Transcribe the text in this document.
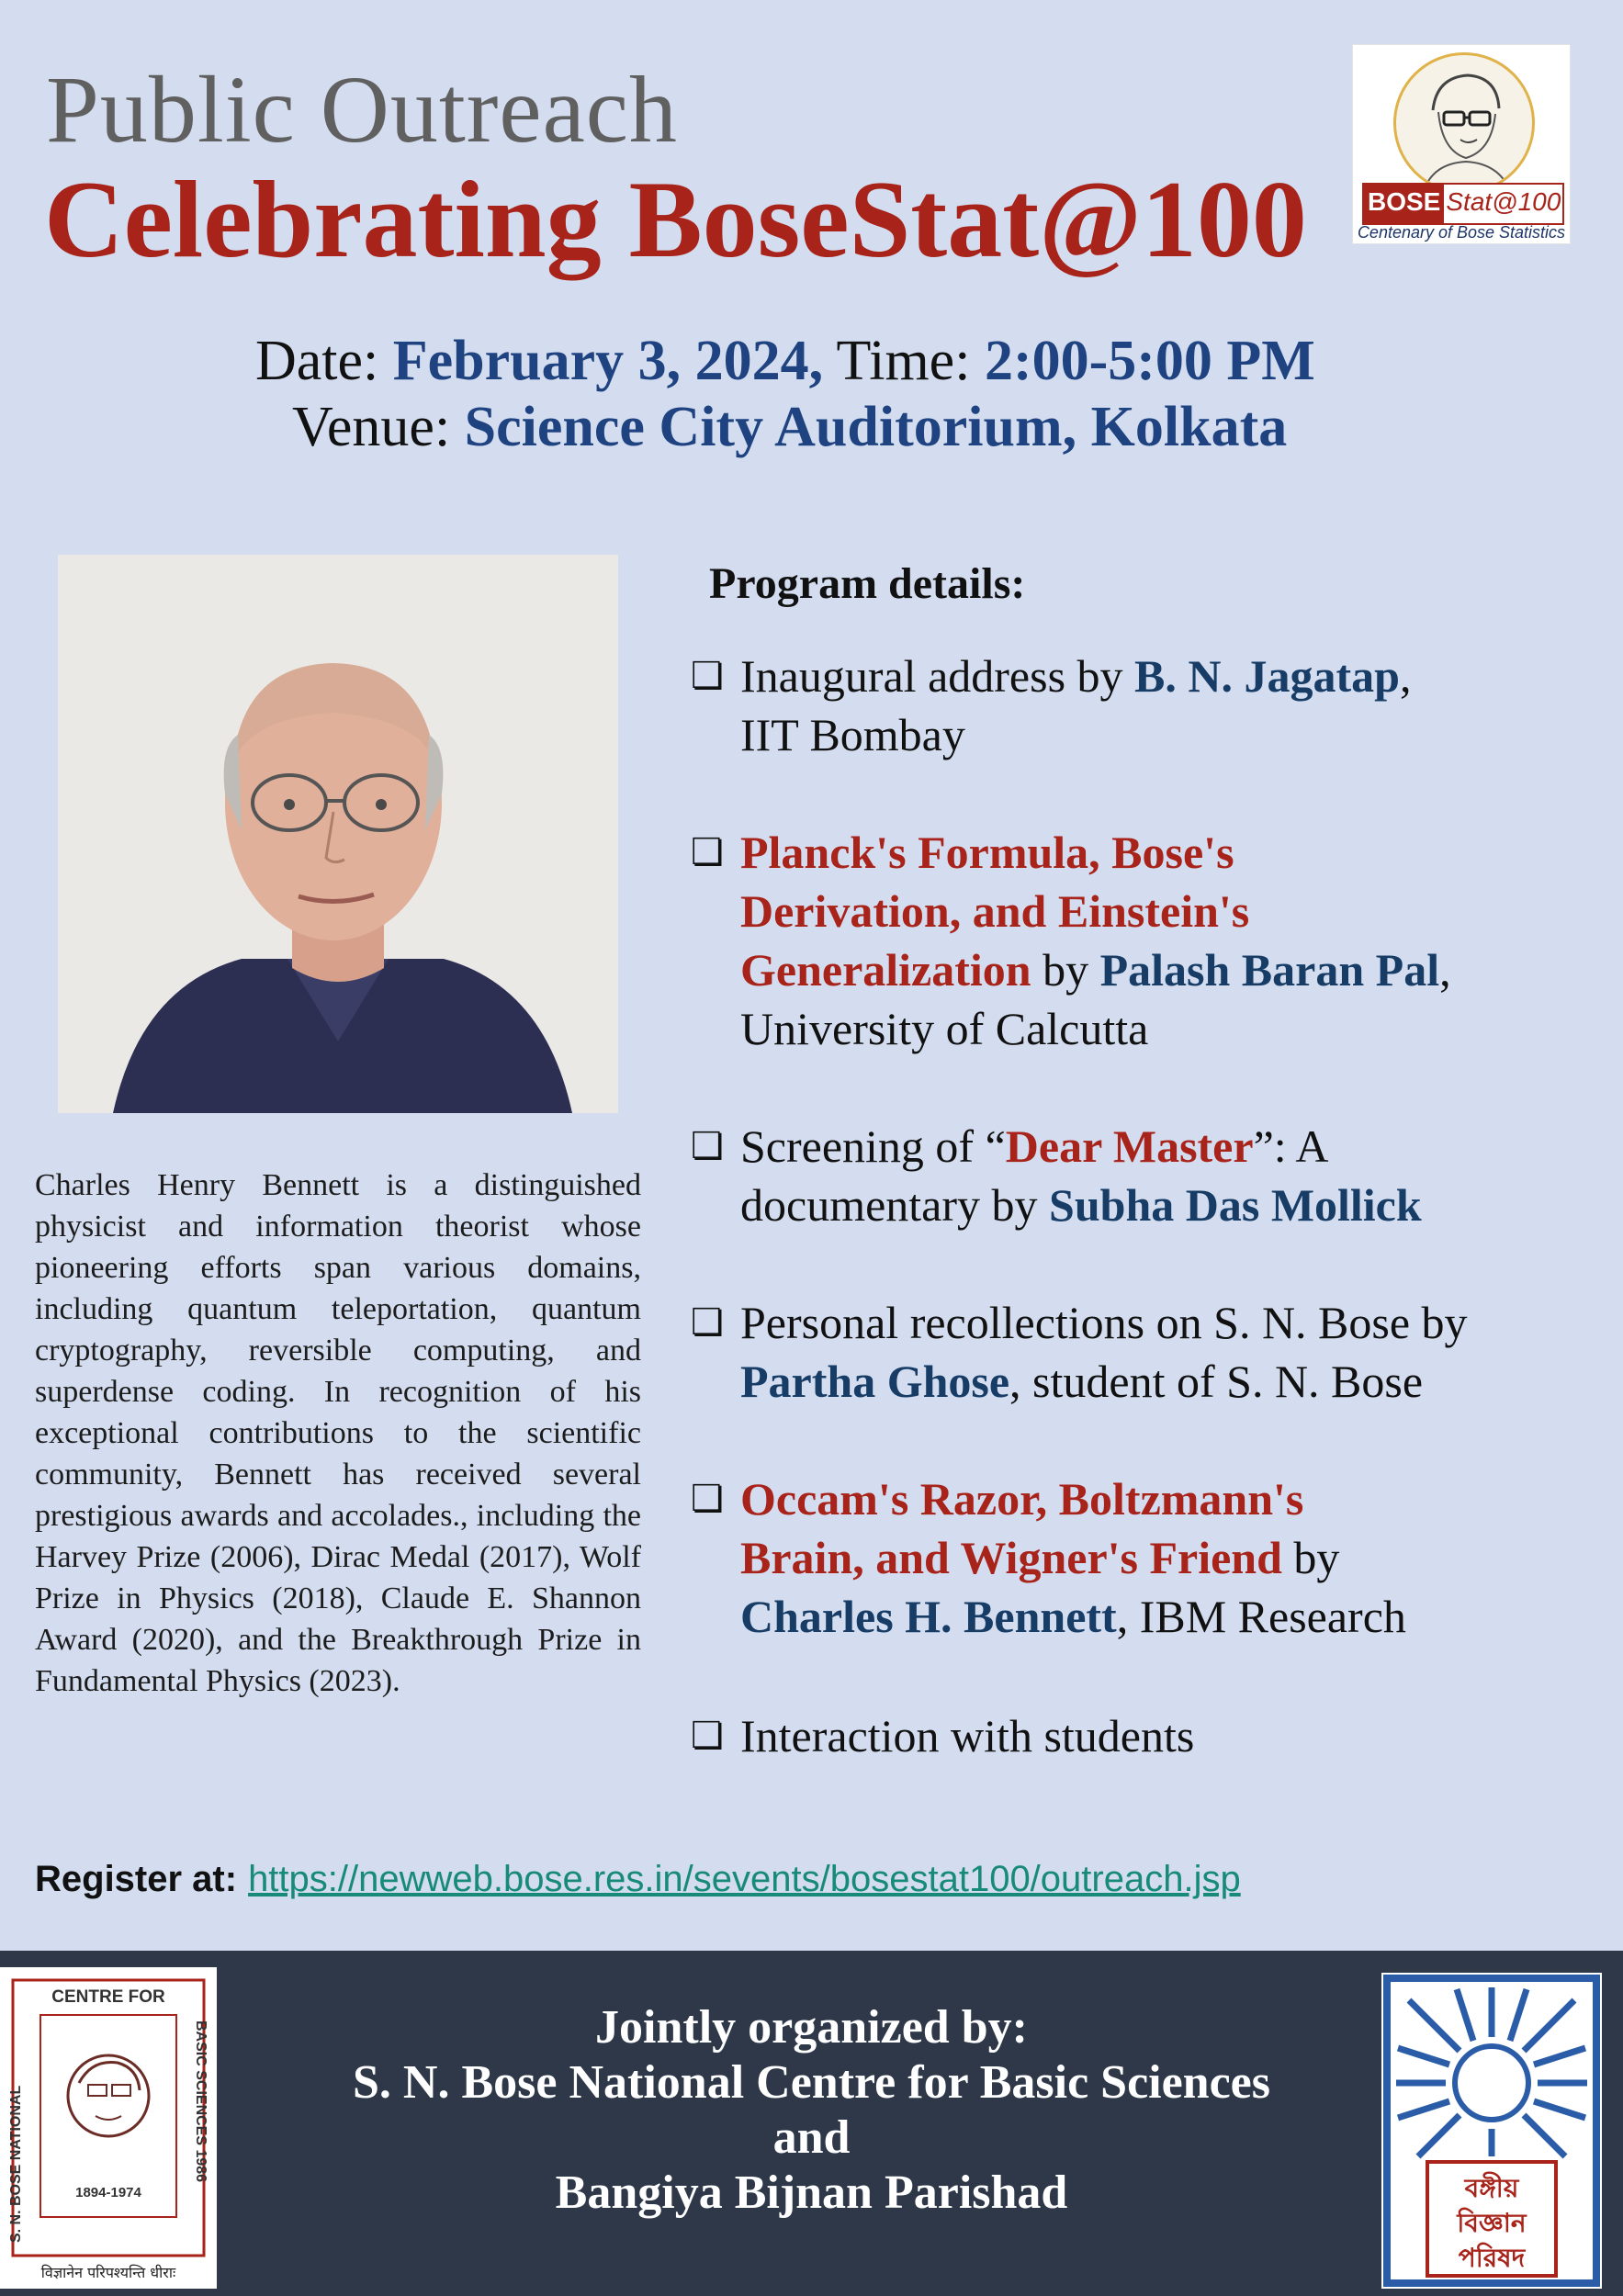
Public Outreach
Celebrating BoseStat@100 BOSE Stat@100
Centenary of Bose Statistics
Date: February 3, 2024, Time: 2:00-5:00 PM
Venue: Science City Auditorium, Kolkata
Charles Henry Bennett is a distinguished physicist and information theorist whose pioneering efforts span various domains, including quantum teleportation, quantum cryptography, reversible computing, and superdense coding. In recognition of his exceptional contributions to the scientific community, Bennett has received several prestigious awards and accolades., including the Harvey Prize (2006), Dirac Medal (2017), Wolf Prize in Physics (2018), Claude E. Shannon Award (2020), and the Breakthrough Prize in Fundamental Physics (2023).
Program details:
❏ Inaugural address by B. N. Jagatap,
IIT Bombay
❏ Planck's Formula, Bose's
Derivation, and Einstein's
Generalization by Palash Baran Pal,
University of Calcutta
❏ Screening of “Dear Master”: A
documentary by Subha Das Mollick
❏ Personal recollections on S. N. Bose by
Partha Ghose, student of S. N. Bose
❏ Occam's Razor, Boltzmann's
Brain, and Wigner's Friend by
Charles H. Bennett, IBM Research
❏ Interaction with students
Register at: https://newweb.bose.res.in/sevents/bosestat100/outreach.jsp
CENTRE FOR
S. N. BOSE NATIONAL	BASIC SCIENCES 1986
1894-1974
विज्ञानेन परिपश्यन्ति धीराः
Jointly organized by:
S. N. Bose National Centre for Basic Sciences
and
Bangiya Bijnan Parishad	বঙ্গীয়
বিজ্ঞান
পরিষদ
